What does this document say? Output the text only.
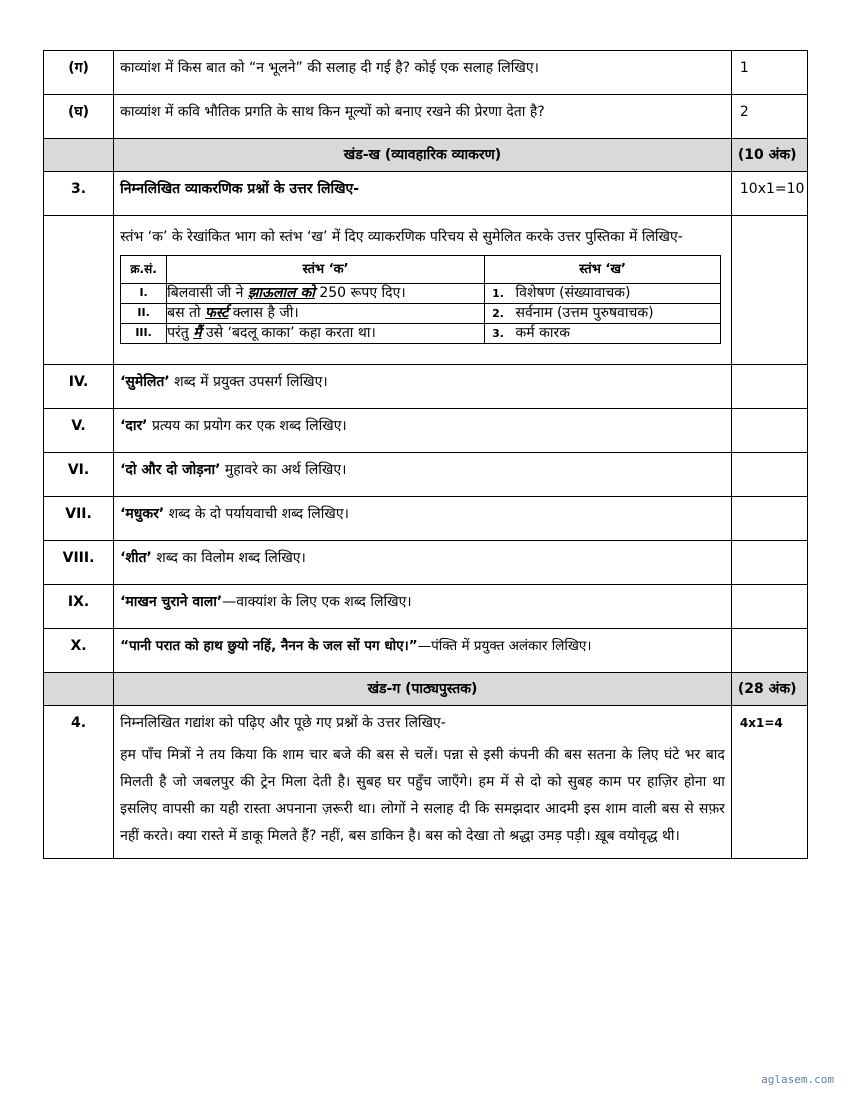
(ग)	काव्यांश में किस बात को “न भूलने” की सलाह दी गई है? कोई एक सलाह लिखिए।	1
(घ)	काव्यांश में कवि भौतिक प्रगति के साथ किन मूल्यों को बनाए रखने की प्रेरणा देता है?	2
	खंड-ख (व्यावहारिक व्याकरण)	(10 अंक)
3.	निम्नलिखित व्याकरणिक प्रश्नों के उत्तर लिखिए-	10x1=10

स्तंभ ‘क’ के रेखांकित भाग को स्तंभ ‘ख’ में दिए व्याकरणिक परिचय से सुमेलित करके उत्तर पुस्तिका में लिखिए-
क्र.सं.	स्तंभ ‘क’	स्तंभ ‘ख’
I.	बिलवासी जी ने झाऊलाल को 250 रूपए दिए।	1. विशेषण (संख्यावाचक)
II.	बस तो फर्स्ट क्लास है जी।	2. सर्वनाम (उत्तम पुरुषवाचक)
III.	परंतु मैं उसे ‘बदलू काका’ कहा करता था।	3. कर्म कारक

IV.	‘सुमेलित’ शब्द में प्रयुक्त उपसर्ग लिखिए।	
V.	‘दार’ प्रत्यय का प्रयोग कर एक शब्द लिखिए।	
VI.	‘दो और दो जोड़ना’ मुहावरे का अर्थ लिखिए।	
VII.	‘मधुकर’ शब्द के दो पर्यायवाची शब्द लिखिए।	
VIII.	‘शीत’ शब्द का विलोम शब्द लिखिए।	
IX.	‘माखन चुराने वाला’—वाक्यांश के लिए एक शब्द लिखिए।	
X.	“पानी परात को हाथ छुयो नहिं, नैनन के जल सों पग धोए।”—पंक्ति में प्रयुक्त अलंकार लिखिए।	
	खंड-ग (पाठ्यपुस्तक)	(28 अंक)
4.	निम्नलिखित गद्यांश को पढ़िए और पूछे गए प्रश्नों के उत्तर लिखिए-
हम पाँच मित्रों ने तय किया कि शाम चार बजे की बस से चलें। पन्ना से इसी कंपनी की बस सतना के लिए घंटे भर बाद मिलती है जो जबलपुर की ट्रेन मिला देती है। सुबह घर पहुँच जाएँगे। हम में से दो को सुबह काम पर हाज़िर होना था इसलिए वापसी का यही रास्ता अपनाना ज़रूरी था। लोगों ने सलाह दी कि समझदार आदमी इस शाम वाली बस से सफ़र नहीं करते। क्या रास्ते में डाकू मिलते हैं? नहीं, बस डाकिन है। बस को देखा तो श्रद्धा उमड़ पड़ी। ख़ूब वयोवृद्ध थी।
	4x1=4
aglasem.com
